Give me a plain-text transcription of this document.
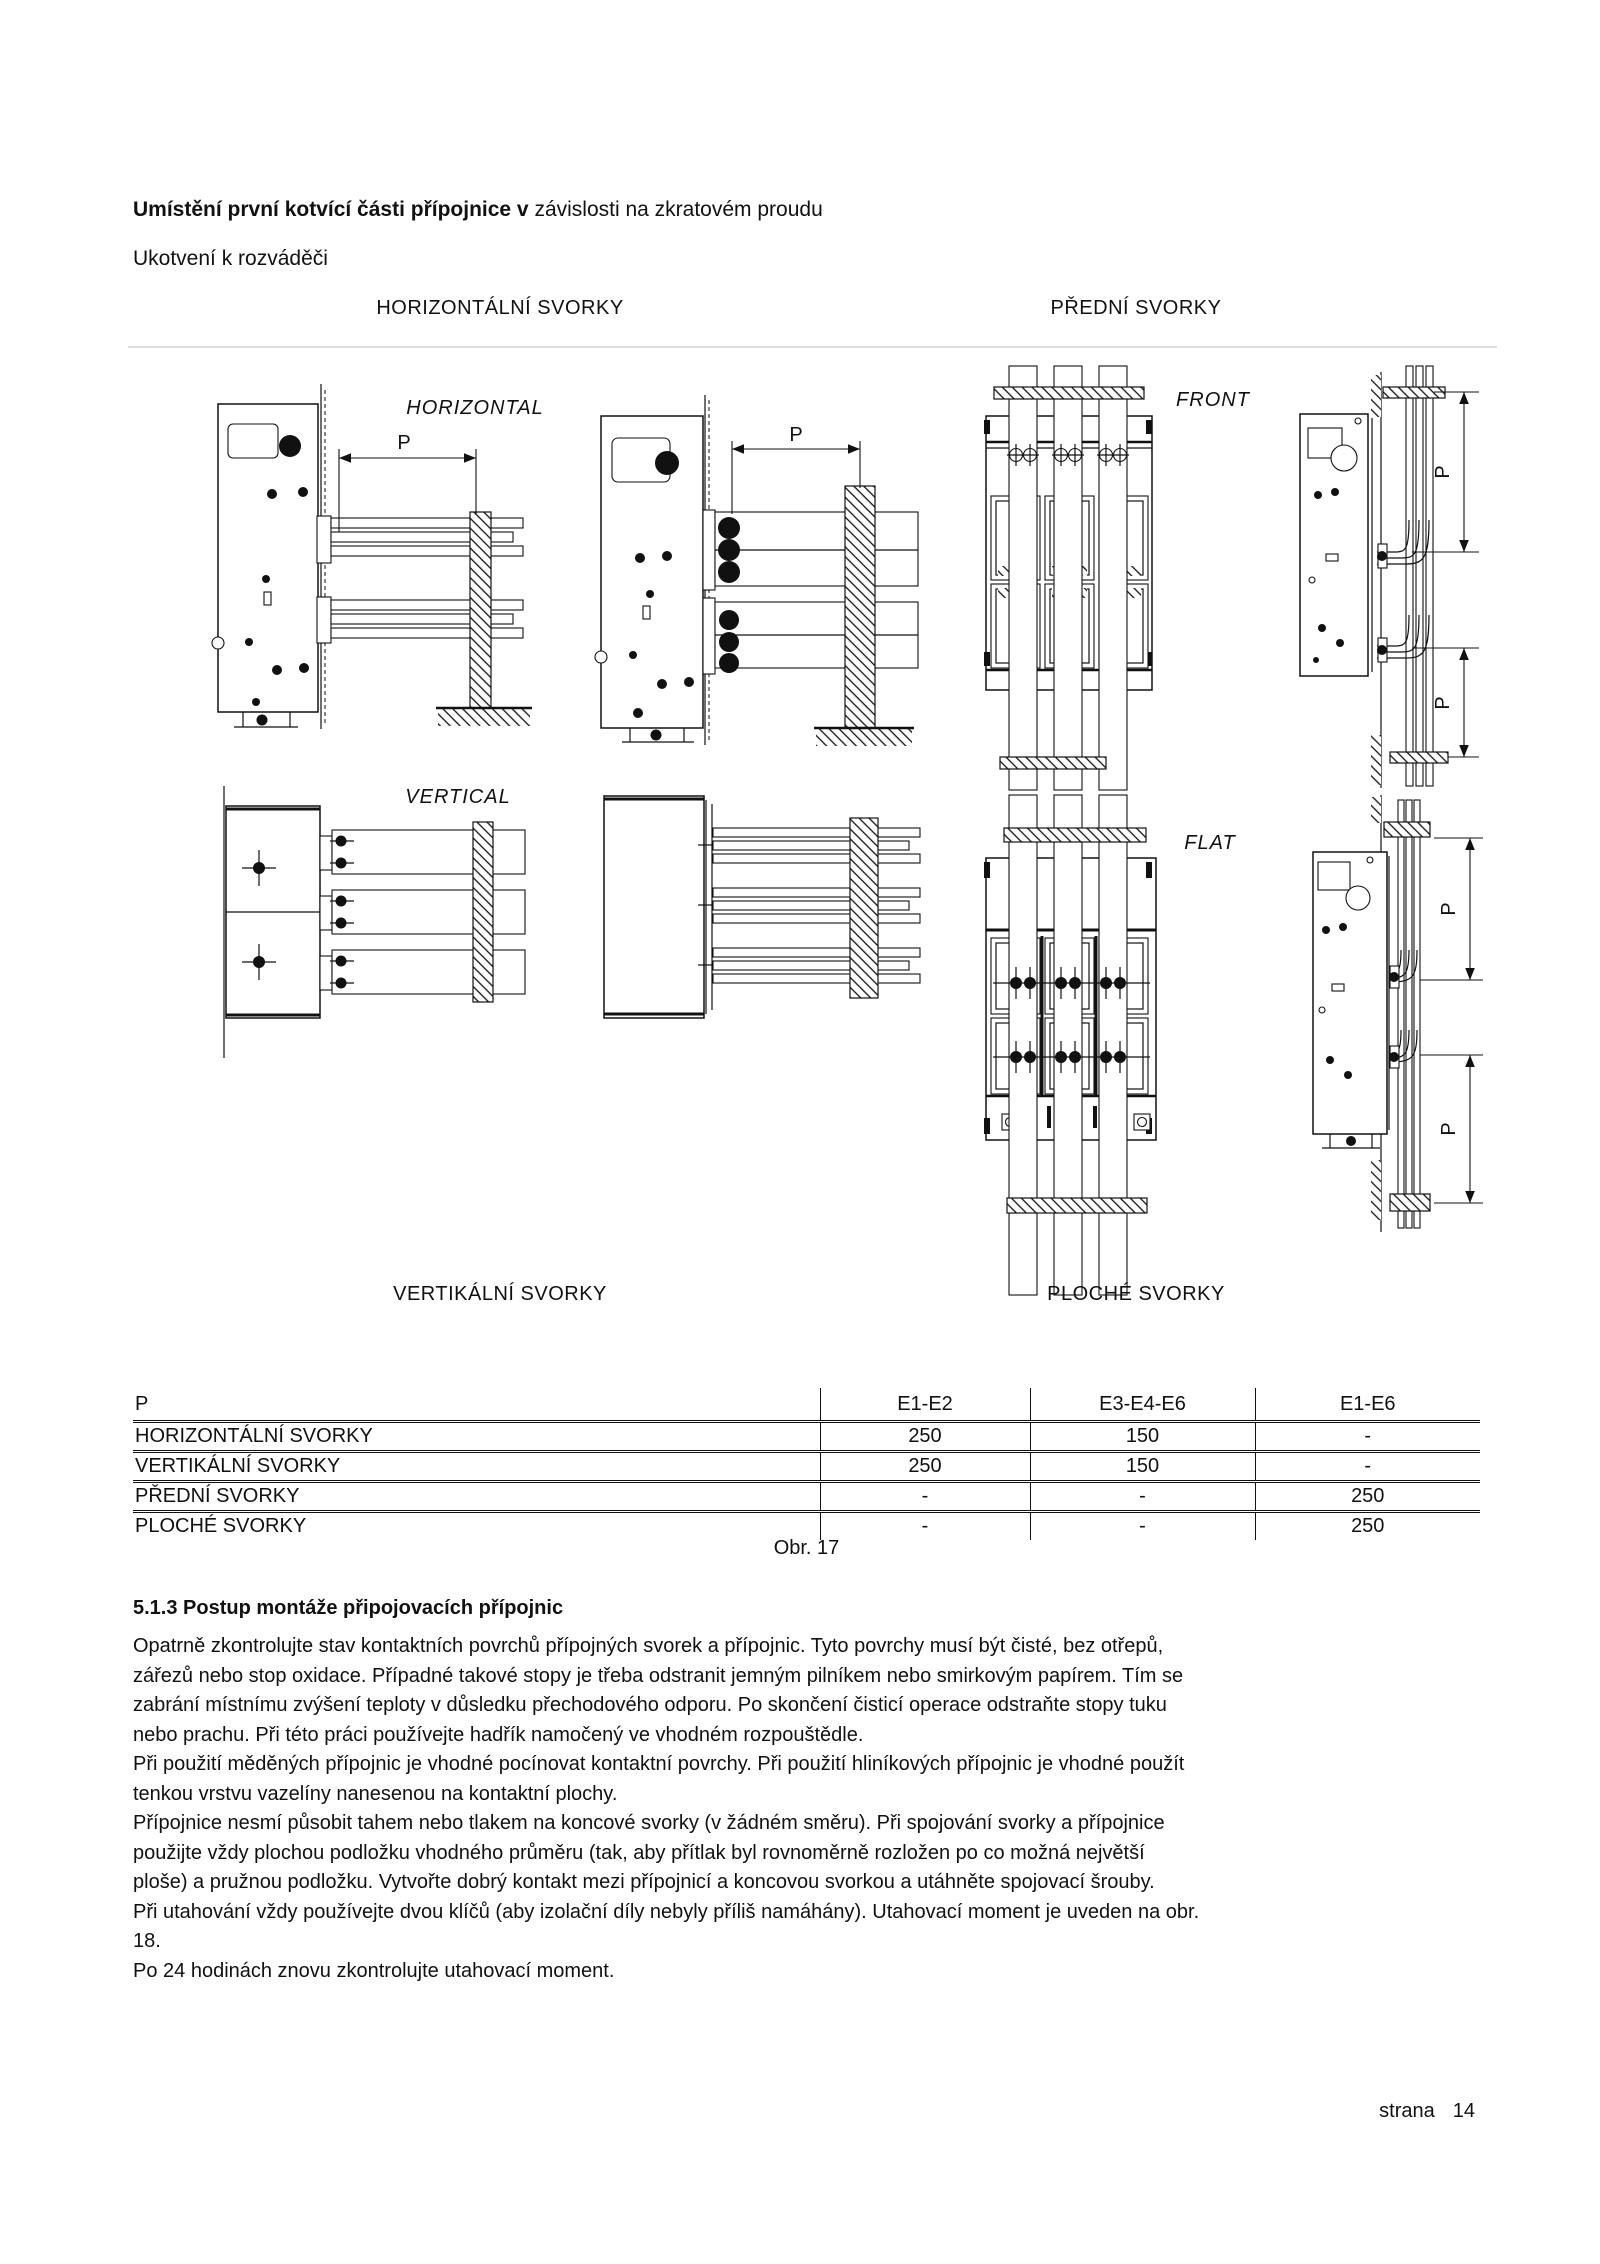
Umístění první kotvící části přípojnice v závislosti na zkratovém proudu
Ukotvení k rozváděči
HORIZONTÁLNÍ SVORKY	PŘEDNÍ SVORKY
P
HORIZONTAL
P
FRONT
P
P
VERTICAL
FLAT
P
P
VERTIKÁLNÍ SVORKY	PLOCHÉ SVORKY
P	E1-E2	E3-E4-E6	E1-E6
HORIZONTÁLNÍ SVORKY	250	150	-
VERTIKÁLNÍ SVORKY	250	150	-
PŘEDNÍ SVORKY	-	-	250
PLOCHÉ SVORKY	-	-	250
Obr. 17
5.1.3 Postup montáže připojovacích přípojnic
Opatrně zkontrolujte stav kontaktních povrchů přípojných svorek a přípojnic. Tyto povrchy musí být čisté, bez otřepů,
zářezů nebo stop oxidace. Případné takové stopy je třeba odstranit jemným pilníkem nebo smirkovým papírem. Tím se
zabrání místnímu zvýšení teploty v důsledku přechodového odporu. Po skončení čisticí operace odstraňte stopy tuku
nebo prachu. Při této práci používejte hadřík namočený ve vhodném rozpouštědle.
Při použití měděných přípojnic je vhodné pocínovat kontaktní povrchy. Při použití hliníkových přípojnic je vhodné použít
tenkou vrstvu vazelíny nanesenou na kontaktní plochy.
Přípojnice nesmí působit tahem nebo tlakem na koncové svorky (v žádném směru). Při spojování svorky a přípojnice
použijte vždy plochou podložku vhodného průměru (tak, aby přítlak byl rovnoměrně rozložen po co možná největší
ploše) a pružnou podložku. Vytvořte dobrý kontakt mezi přípojnicí a koncovou svorkou a utáhněte spojovací šrouby.
Při utahování vždy používejte dvou klíčů (aby izolační díly nebyly příliš namáhány). Utahovací moment je uveden na obr.
18.
Po 24 hodinách znovu zkontrolujte utahovací moment.
strana 14
